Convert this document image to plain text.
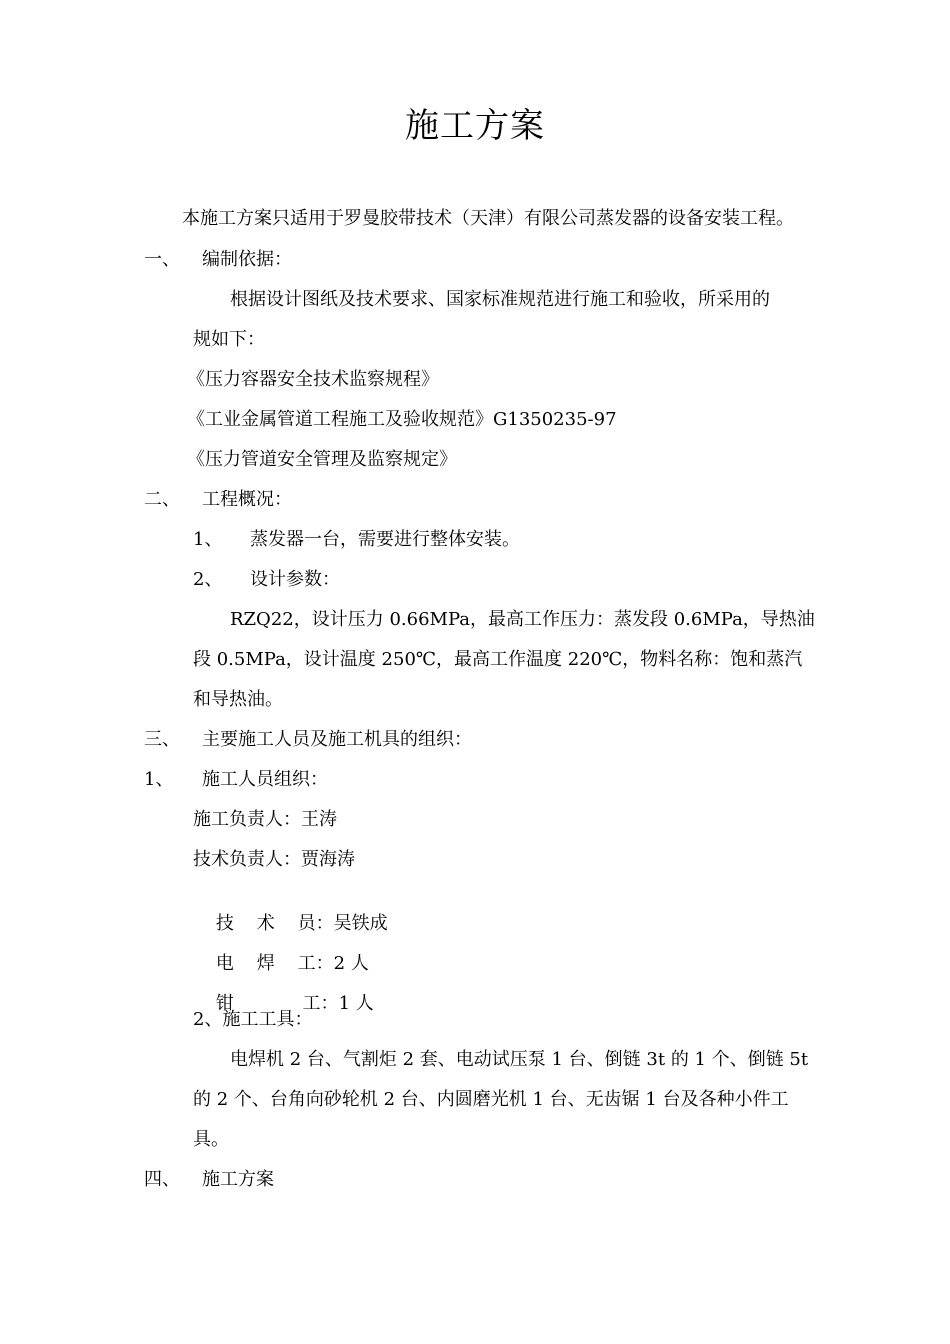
施工方案
本施工方案只适用于罗曼胶带技术（天津）有限公司蒸发器的设备安装工程。
一、 编制依据：
根据设计图纸及技术要求、国家标准规范进行施工和验收，所采用的
规如下：
《压力容器安全技术监察规程》
《工业金属管道工程施工及验收规范》G1350235-97
《压力管道安全管理及监察规定》
二、 工程概况：
1、 蒸发器一台，需要进行整体安装。
2、 设计参数：
RZQ22，设计压力 0.66MPa，最高工作压力：蒸发段 0.6MPa，导热油
段 0.5MPa，设计温度 250℃，最高工作温度 220℃，物料名称：饱和蒸汽
和导热油。
三、 主要施工人员及施工机具的组织：
1、 施工人员组织：
施工负责人：王涛
技术负责人：贾海涛

技    术    员：吴铁成

电    焊    工：2 人

钳            工：1 人

2、施工工具：
电焊机 2 台、气割炬 2 套、电动试压泵 1 台、倒链 3t 的 1 个、倒链 5t
的 2 个、台角向砂轮机 2 台、内圆磨光机 1 台、无齿锯 1 台及各种小件工
具。
四、 施工方案
